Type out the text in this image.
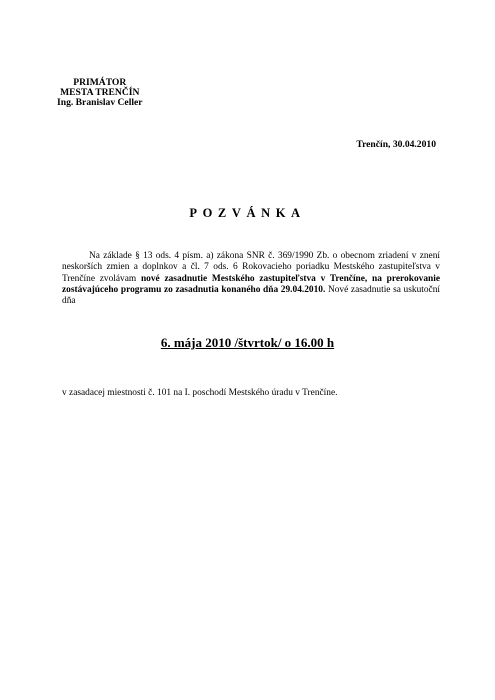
PRIMÁTOR
MESTA TRENČÍN
Ing. Branislav Celler
Trenčín, 30.04.2010
POZVÁNKA
Na základe § 13 ods. 4 písm. a) zákona SNR č. 369/1990 Zb. o obecnom zriadení v znení neskorších zmien a doplnkov a čl. 7 ods. 6 Rokovacieho poriadku Mestského zastupiteľstva v Trenčíne zvolávam nové zasadnutie Mestského zastupiteľstva v Trenčíne, na prerokovanie zostávajúceho programu zo zasadnutia konaného dňa 29.04.2010. Nové zasadnutie sa uskutoční dňa
6. mája 2010 /štvrtok/ o 16.00 h
v zasadacej miestnosti č. 101 na I. poschodí Mestského úradu v Trenčíne.
